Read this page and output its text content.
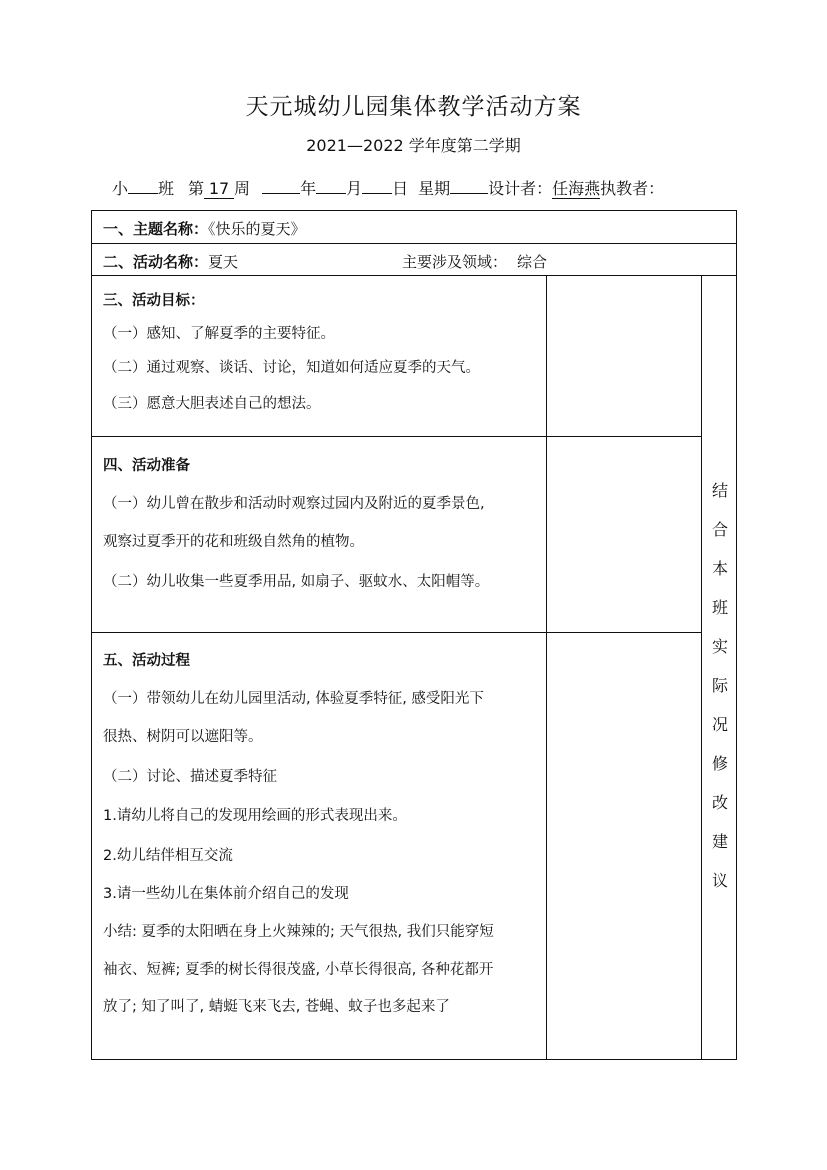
天元城幼儿园集体教学活动方案
2021—2022 学年度第二学期
小 班 第 17 周	年 月 日 星期 设计者：任海燕执教者：
一、主题名称：《快乐的夏天》
二、活动名称：夏天	主要涉及领域： 综合
三、活动目标：
（一）感知、了解夏季的主要特征。
（二）通过观察、谈话、讨论，知道如何适应夏季的天气。
（三）愿意大胆表述自己的想法。
四、活动准备
（一）幼儿曾在散步和活动时观察过园内及附近的夏季景色,
观察过夏季开的花和班级自然角的植物。
（二）幼儿收集一些夏季用品, 如扇子、驱蚊水、太阳帽等。
五、活动过程
（一）带领幼儿在幼儿园里活动, 体验夏季特征, 感受阳光下
很热、树阴可以遮阳等。
（二）讨论、描述夏季特征
1.请幼儿将自己的发现用绘画的形式表现出来。
2.幼儿结伴相互交流
3.请一些幼儿在集体前介绍自己的发现
小结: 夏季的太阳晒在身上火辣辣的; 天气很热, 我们只能穿短
袖衣、短裤; 夏季的树长得很茂盛, 小草长得很高, 各种花都开
放了; 知了叫了, 蜻蜓飞来飞去, 苍蝇、蚊子也多起来了
结
合
本
班
实
际
况
修
改
建
议
